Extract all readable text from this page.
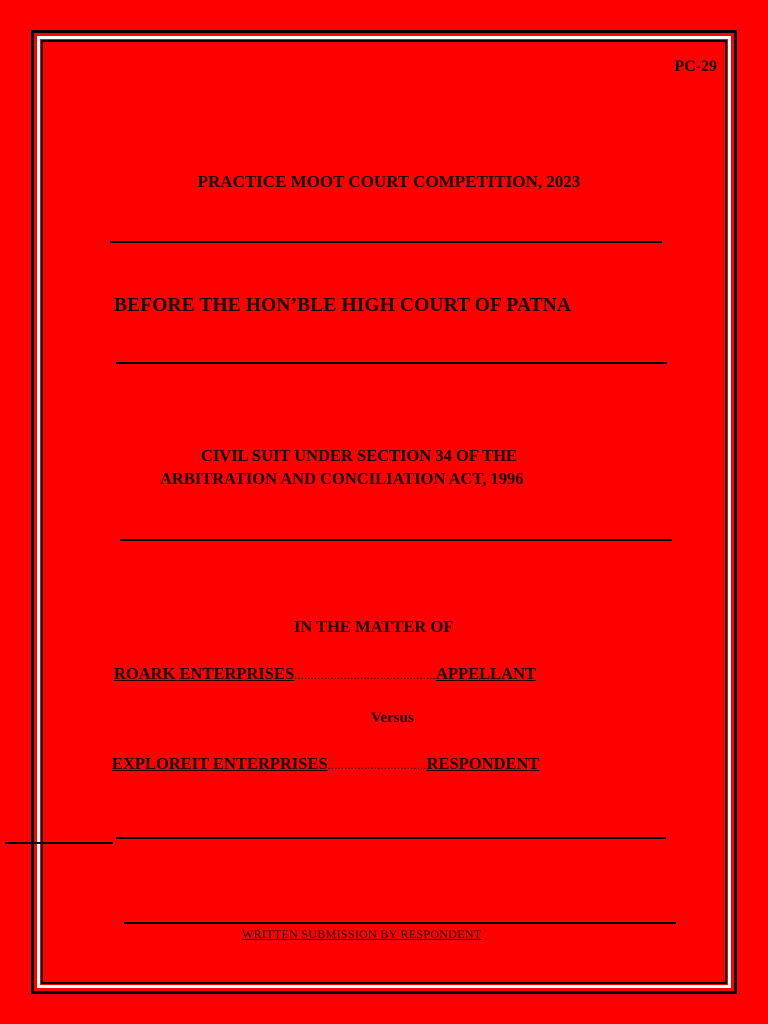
PC-29
PRACTICE MOOT COURT COMPETITION, 2023
BEFORE THE HON’BLE HIGH COURT OF PATNA
CIVIL SUIT UNDER SECTION 34 OF THE
ARBITRATION AND CONCILIATION ACT, 1996
IN THE MATTER OF
ROARK ENTERPRISES...........................................APPELLANT
Versus
EXPLOREIT ENTERPRISES..............................RESPONDENT
WRITTEN SUBMISSION BY RESPONDENT
